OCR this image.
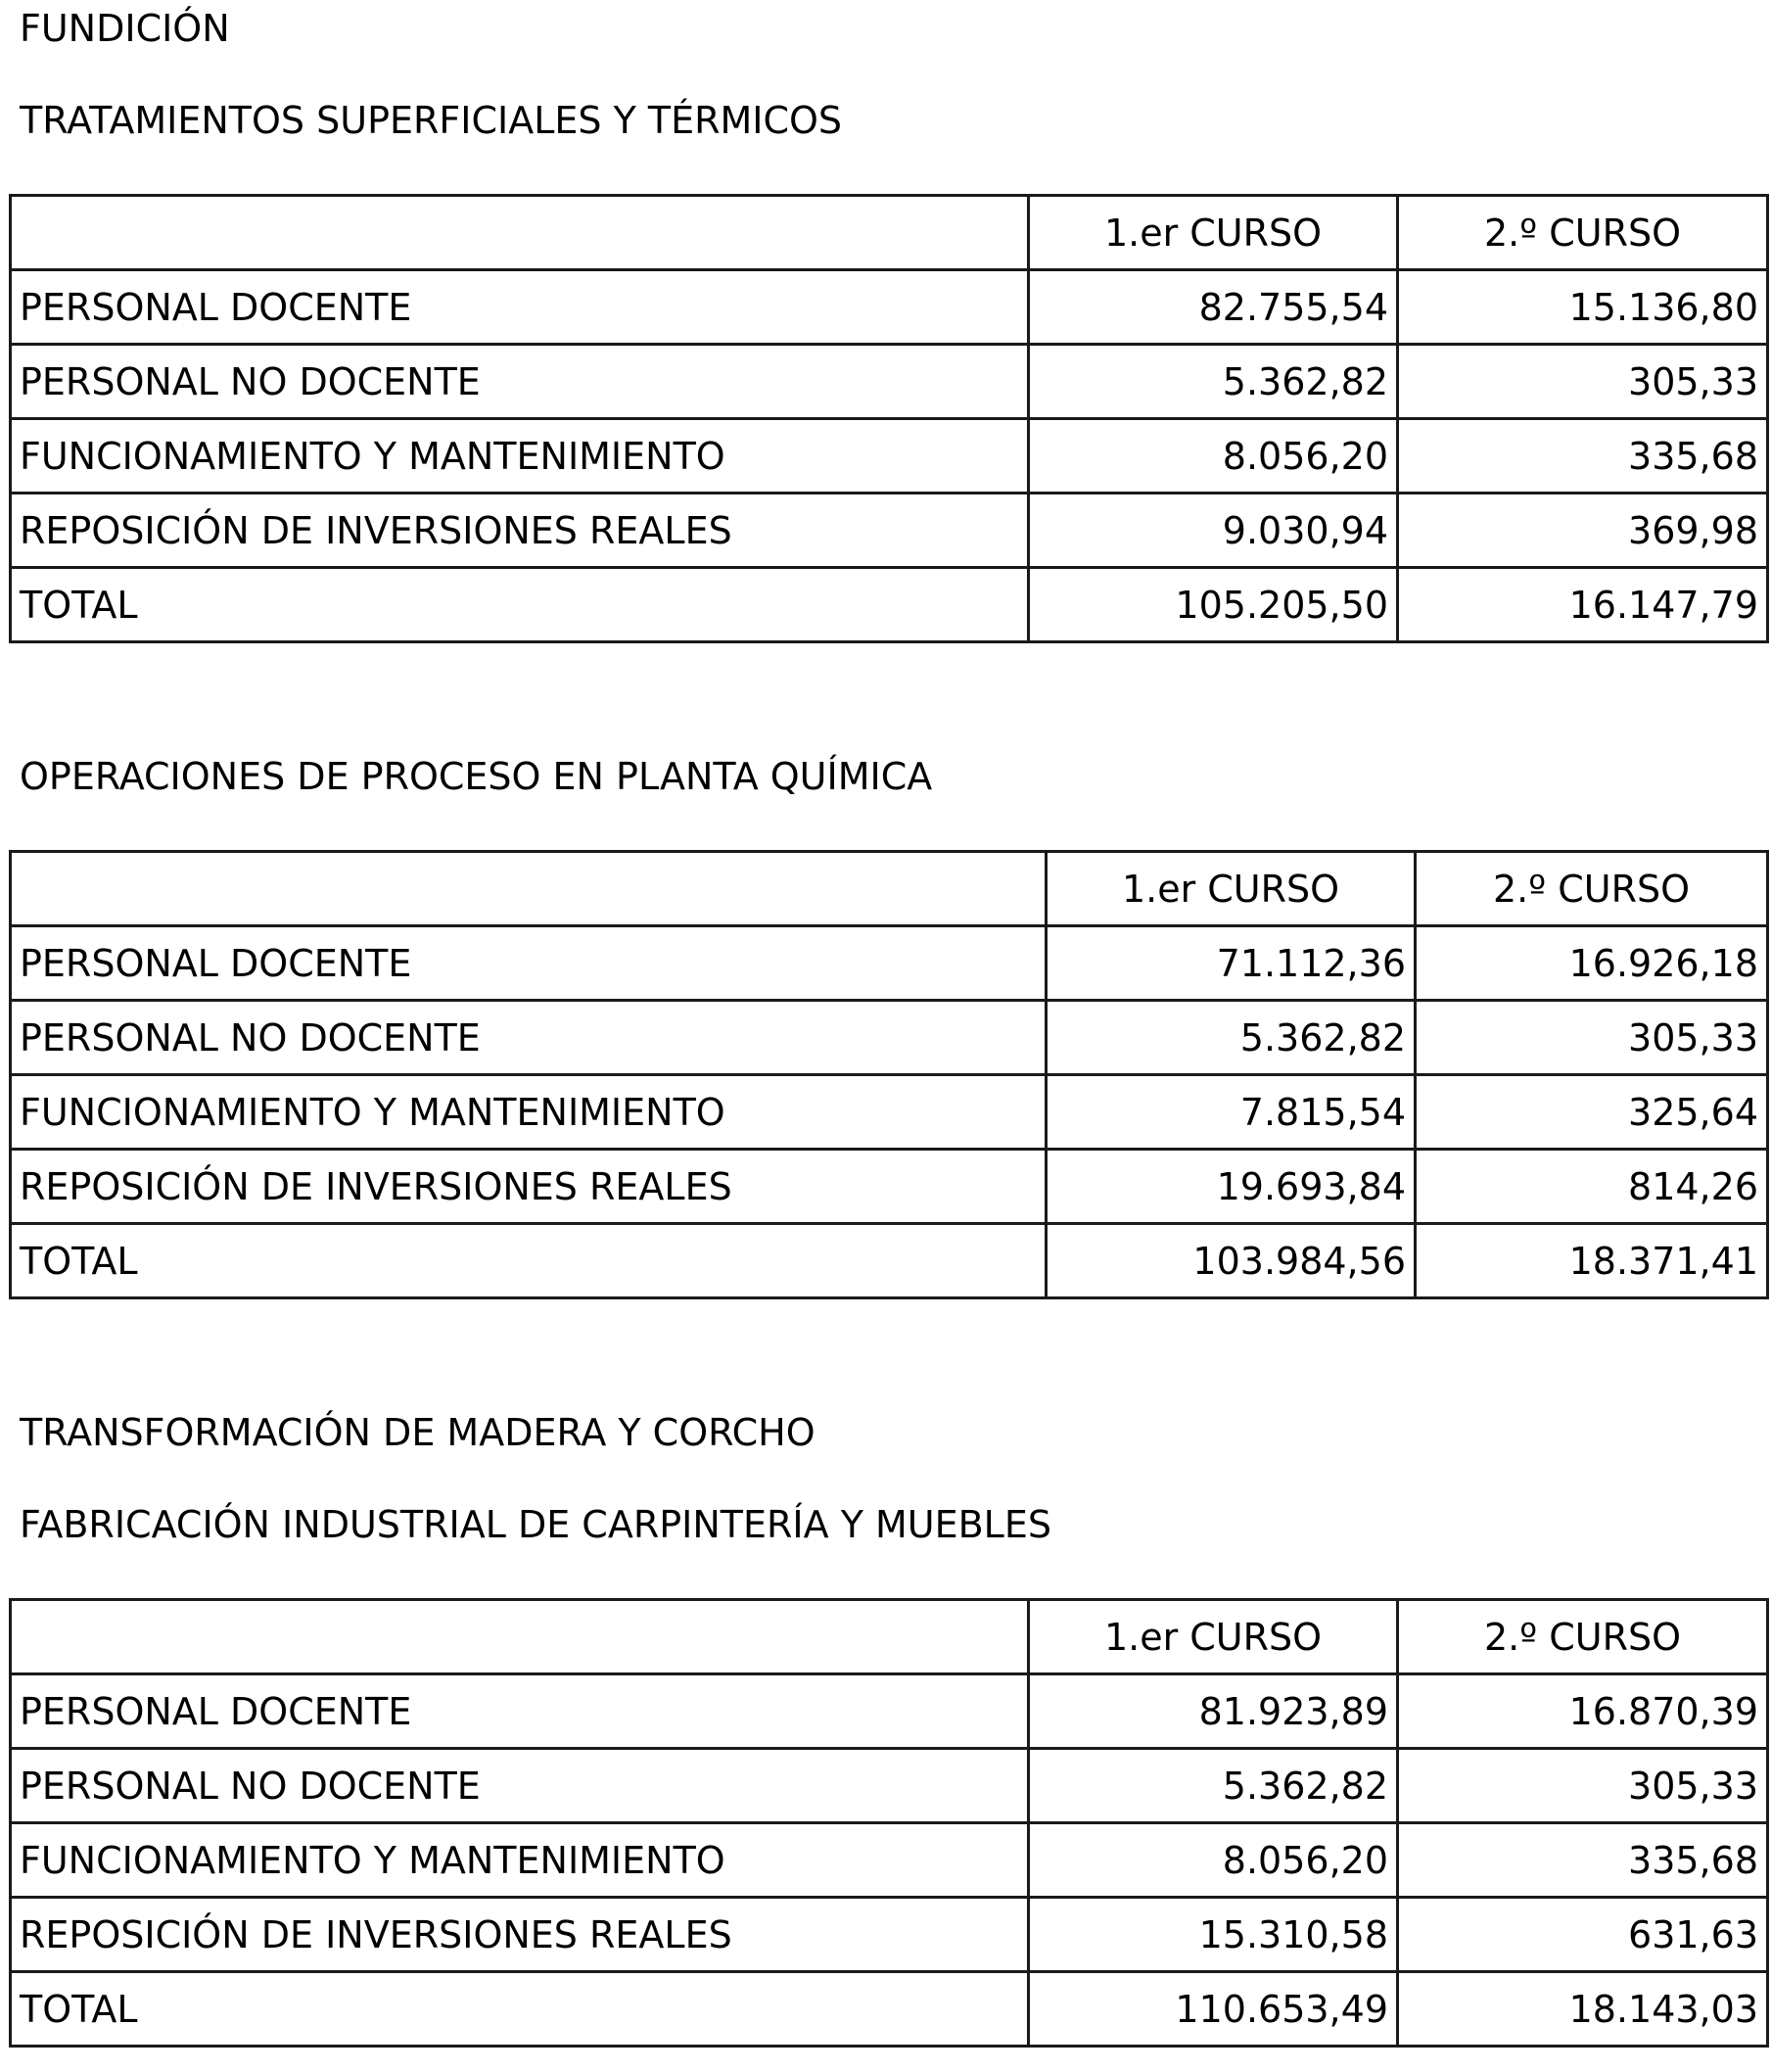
FUNDICIÓN
TRATAMIENTOS SUPERFICIALES Y TÉRMICOS
	1.er CURSO	2.º CURSO
PERSONAL DOCENTE	82.755,54	15.136,80
PERSONAL NO DOCENTE	5.362,82	305,33
FUNCIONAMIENTO Y MANTENIMIENTO	8.056,20	335,68
REPOSICIÓN DE INVERSIONES REALES	9.030,94	369,98
TOTAL	105.205,50	16.147,79
OPERACIONES DE PROCESO EN PLANTA QUÍMICA
	1.er CURSO	2.º CURSO
PERSONAL DOCENTE	71.112,36	16.926,18
PERSONAL NO DOCENTE	5.362,82	305,33
FUNCIONAMIENTO Y MANTENIMIENTO	7.815,54	325,64
REPOSICIÓN DE INVERSIONES REALES	19.693,84	814,26
TOTAL	103.984,56	18.371,41
TRANSFORMACIÓN DE MADERA Y CORCHO
FABRICACIÓN INDUSTRIAL DE CARPINTERÍA Y MUEBLES
	1.er CURSO	2.º CURSO
PERSONAL DOCENTE	81.923,89	16.870,39
PERSONAL NO DOCENTE	5.362,82	305,33
FUNCIONAMIENTO Y MANTENIMIENTO	8.056,20	335,68
REPOSICIÓN DE INVERSIONES REALES	15.310,58	631,63
TOTAL	110.653,49	18.143,03
